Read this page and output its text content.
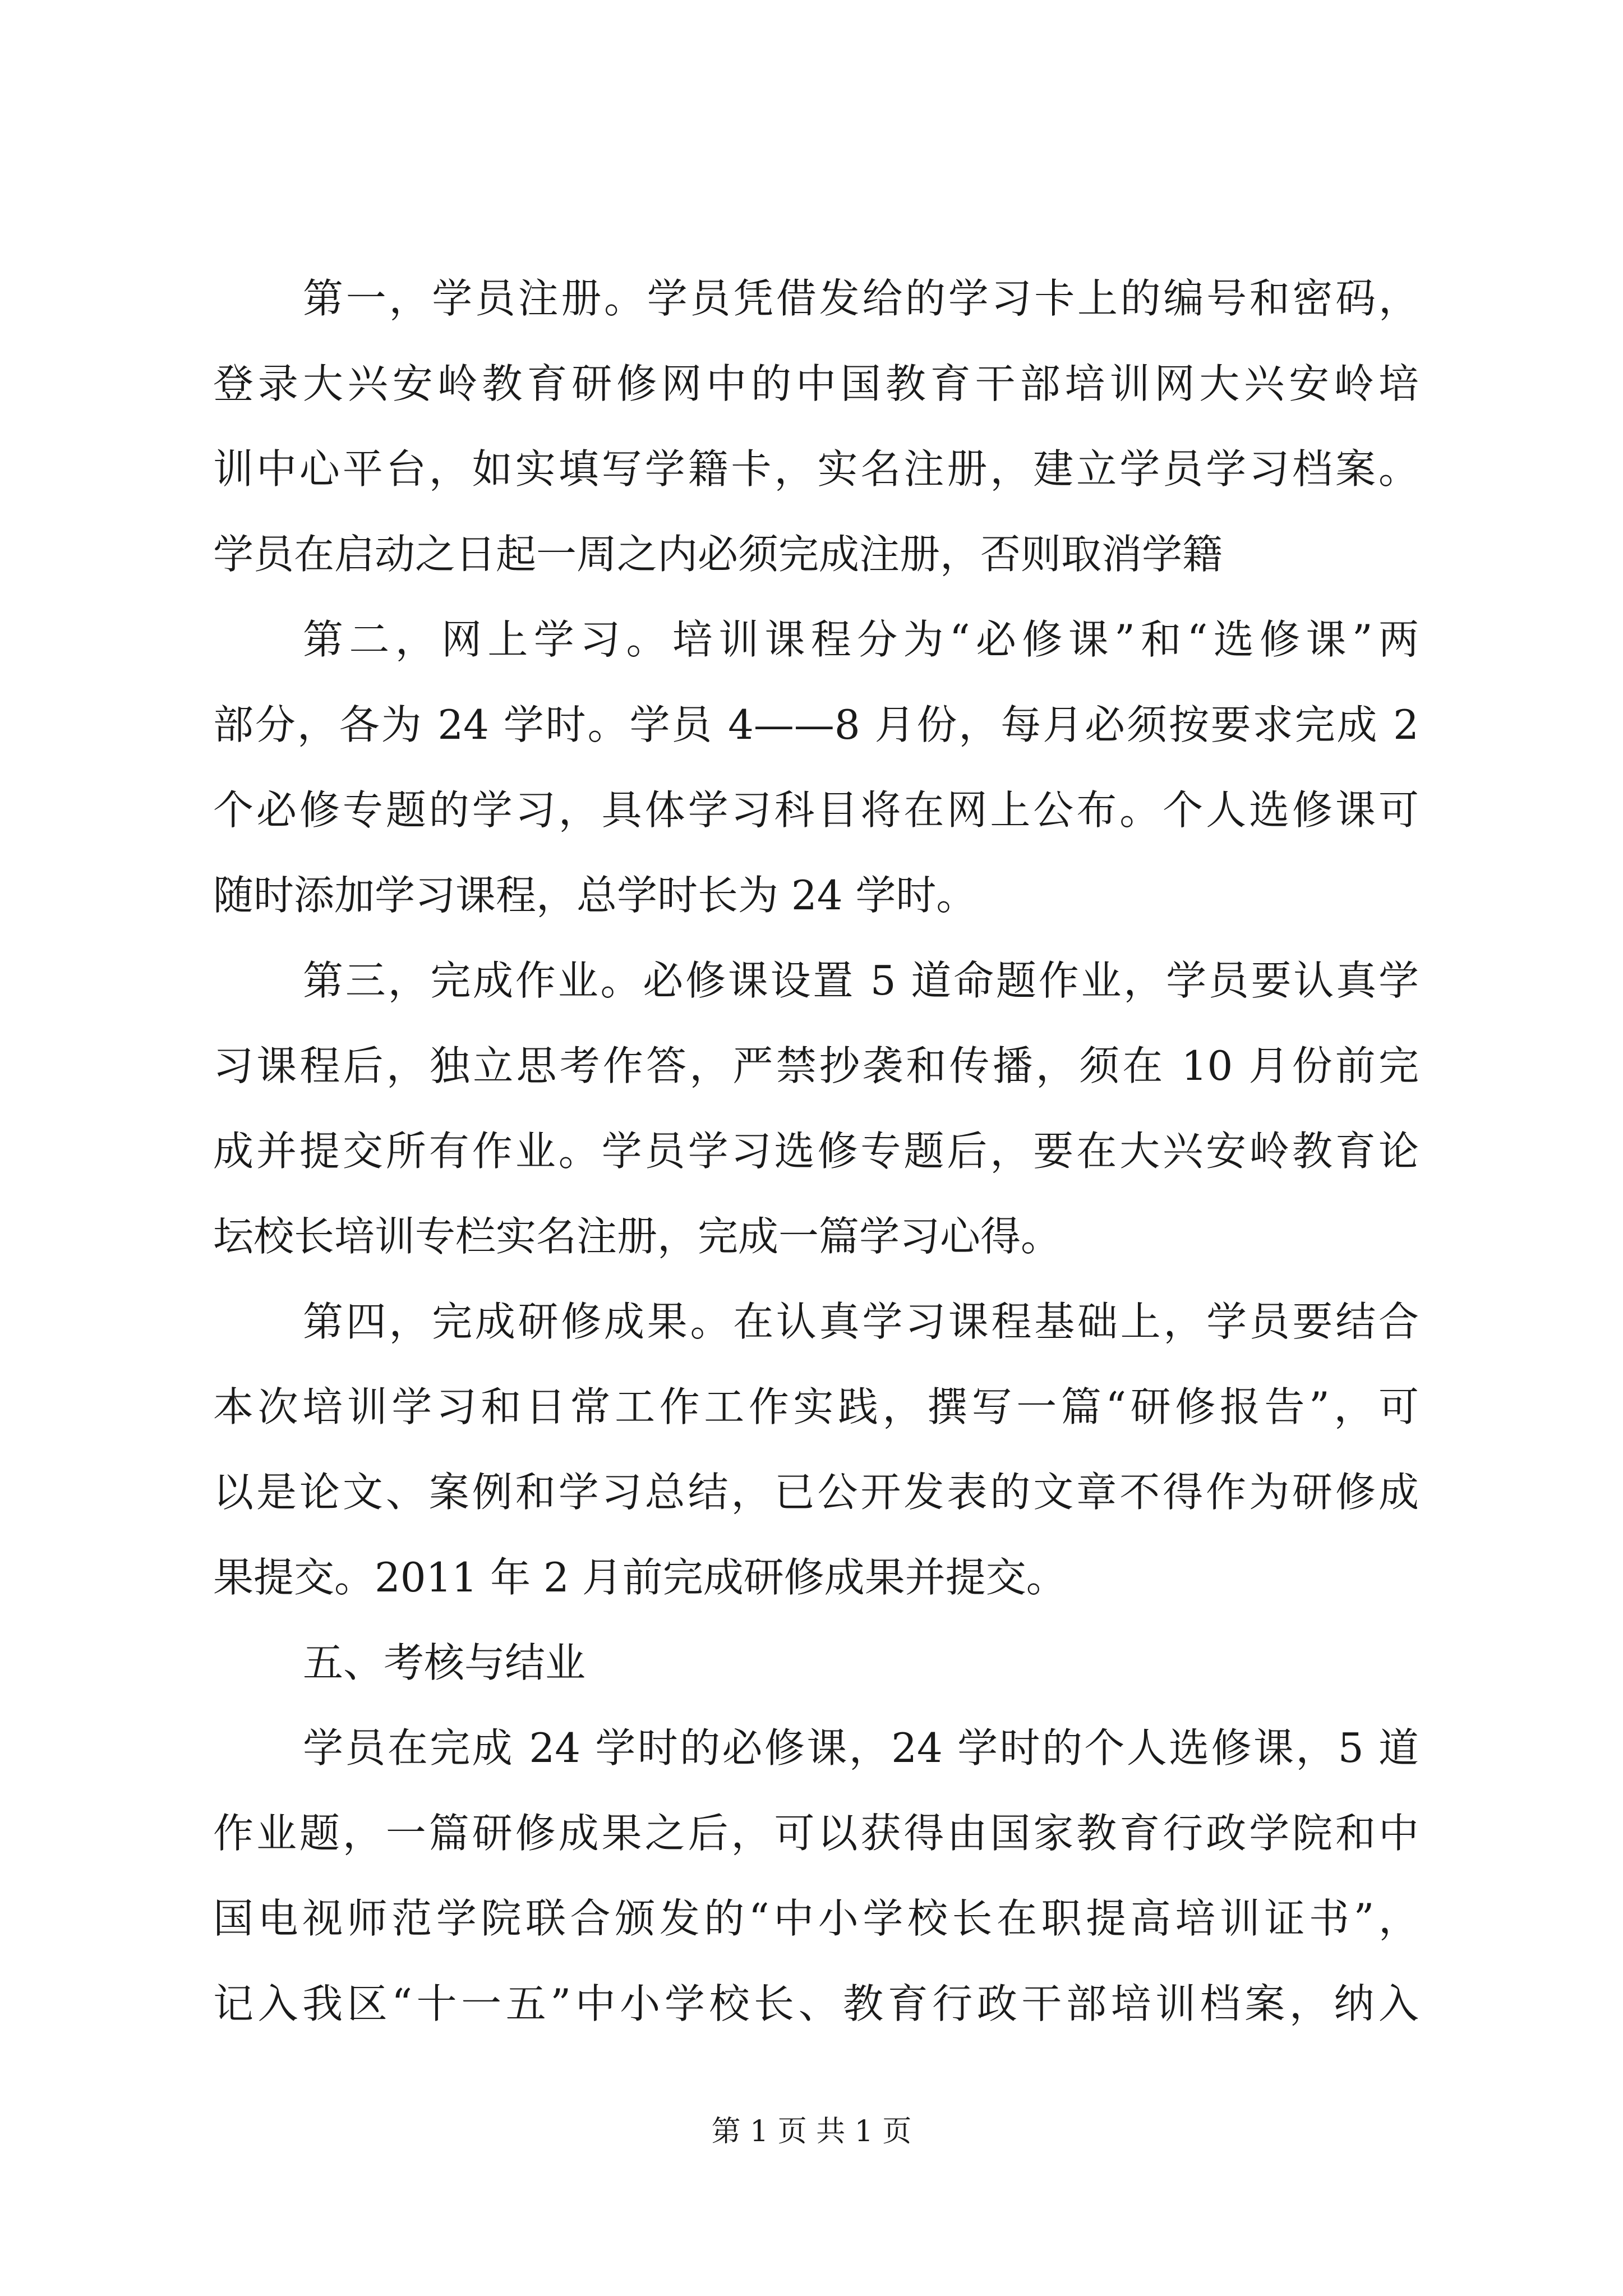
第一，学员注册。学员凭借发给的学习卡上的编号和密码，
登录大兴安岭教育研修网中的中国教育干部培训网大兴安岭培
训中心平台，如实填写学籍卡，实名注册，建立学员学习档案。
学员在启动之日起一周之内必须完成注册，否则取消学籍
第二，网上学习。培训课程分为“必修课”和“选修课”两
部分，各为 24 学时。学员 4——8 月份，每月必须按要求完成 2
个必修专题的学习，具体学习科目将在网上公布。个人选修课可
随时添加学习课程，总学时长为 24 学时。
第三，完成作业。必修课设置 5 道命题作业，学员要认真学
习课程后，独立思考作答，严禁抄袭和传播，须在 10 月份前完
成并提交所有作业。学员学习选修专题后，要在大兴安岭教育论
坛校长培训专栏实名注册，完成一篇学习心得。
第四，完成研修成果。在认真学习课程基础上，学员要结合
本次培训学习和日常工作工作实践，撰写一篇“研修报告”，可
以是论文、案例和学习总结，已公开发表的文章不得作为研修成
果提交。2011 年 2 月前完成研修成果并提交。
五、考核与结业
学员在完成 24 学时的必修课，24 学时的个人选修课，5 道
作业题，一篇研修成果之后，可以获得由国家教育行政学院和中
国电视师范学院联合颁发的“中小学校长在职提高培训证书”，
记入我区“十一五”中小学校长、教育行政干部培训档案，纳入
第 1 页 共 1 页
